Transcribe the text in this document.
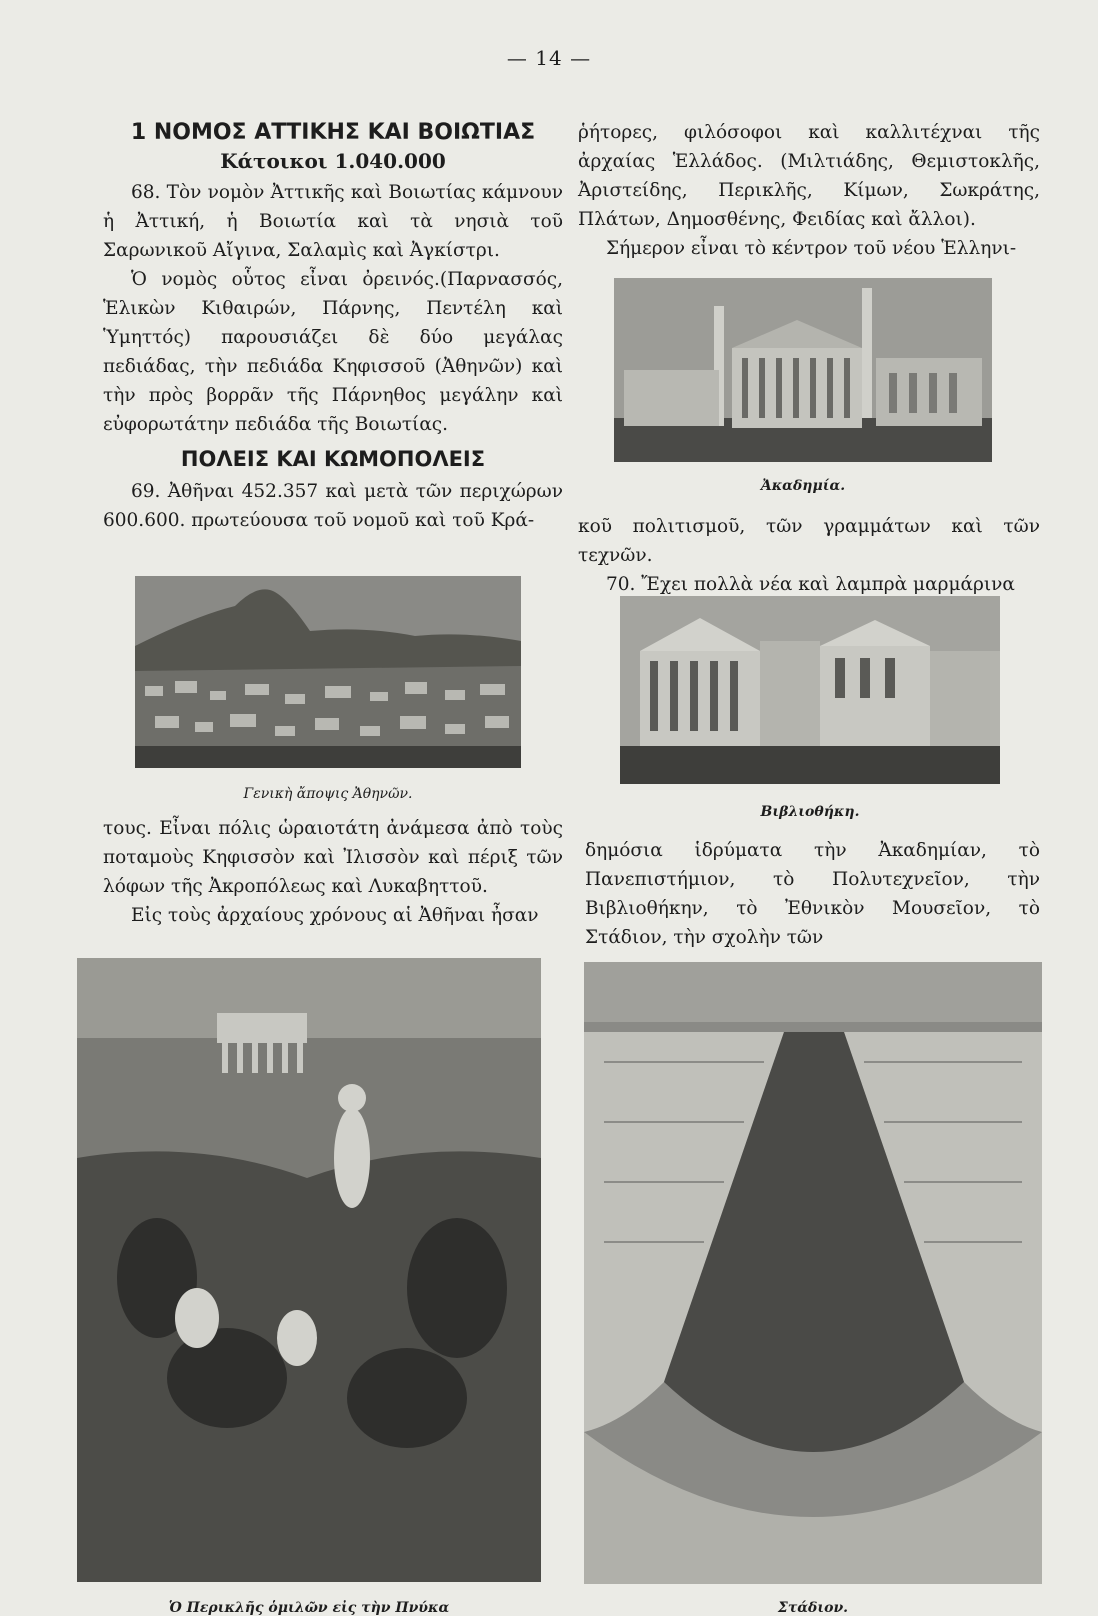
— 14 —
1 ΝΟΜΟΣ ΑΤΤΙΚΗΣ ΚΑΙ ΒΟΙΩΤΙΑΣ
Κάτοικοι 1.040.000

68. Τὸν νομὸν Ἀττικῆς καὶ Βοιωτίας κάμνουν ἡ Ἀττική, ἡ Βοιωτία καὶ τὰ νησιὰ τοῦ Σαρωνικοῦ Αἴγινα, Σαλαμὶς καὶ Ἀγκίστρι.

Ὁ νομὸς οὗτος εἶναι ὀρεινός.(Παρνασσός, Ἑλικὼν Κιθαιρών, Πάρνης, Πεντέλη καὶ Ὑμηττός) παρουσιάζει δὲ δύο μεγάλας πεδιάδας, τὴν πεδιάδα Κηφισσοῦ (Ἀθηνῶν) καὶ τὴν πρὸς βορρᾶν τῆς Πάρνηθος μεγάλην καὶ εὐφορωτάτην πεδιάδα τῆς Βοιωτίας.

ΠΟΛΕΙΣ ΚΑΙ ΚΩΜΟΠΟΛΕΙΣ

69. Ἀθῆναι 452.357 καὶ μετὰ τῶν περιχώρων 600.600. πρωτεύουσα τοῦ νομοῦ καὶ τοῦ Κρά-

Γενικὴ ἄποψις Ἀθηνῶν.

τους. Εἶναι πόλις ὡραιοτάτη ἀνάμεσα ἀπὸ τοὺς ποταμοὺς Κηφισσὸν καὶ Ἰλισσὸν καὶ πέριξ τῶν λόφων τῆς Ἀκροπόλεως καὶ Λυκαβηττοῦ.

Εἰς τοὺς ἀρχαίους χρόνους αἱ Ἀθῆναι ἦσαν

Ὁ Περικλῆς ὁμιλῶν εἰς τὴν Πνύκα

ῥήτορες, φιλόσοφοι καὶ καλλιτέχναι τῆς ἀρχαίας Ἑλλάδος. (Μιλτιάδης, Θεμιστοκλῆς, Ἀριστείδης, Περικλῆς, Κίμων, Σωκράτης, Πλάτων, Δημοσθένης, Φειδίας καὶ ἄλλοι).

Σήμερον εἶναι τὸ κέντρον τοῦ νέου Ἑλληνι-

Ἀκαδημία.

κοῦ πολιτισμοῦ, τῶν γραμμάτων καὶ τῶν τεχνῶν.

70. Ἔχει πολλὰ νέα καὶ λαμπρὰ μαρμάρινα

Βιβλιοθήκη.

δημόσια ἱδρύματα τὴν Ἀκαδημίαν, τὸ Πανεπιστήμιον, τὸ Πολυτεχνεῖον, τὴν Βιβλιοθήκην, τὸ Ἐθνικὸν Μουσεῖον, τὸ Στάδιον, τὴν σχολὴν τῶν

Στάδιον.
